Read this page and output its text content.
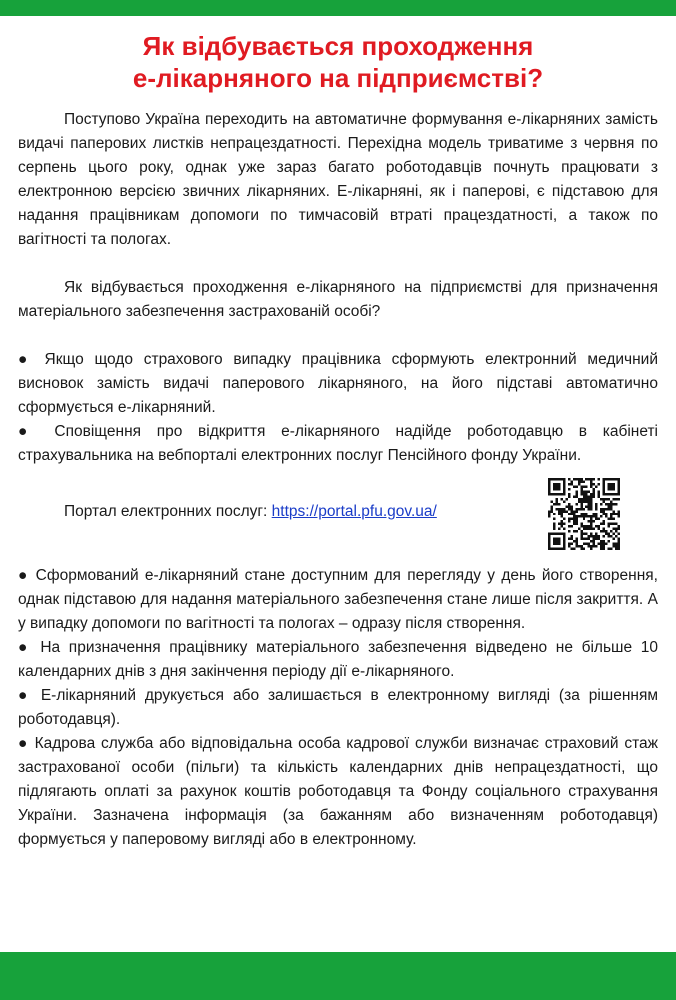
Як відбувається проходження
е-лікарняного на підприємстві?

Поступово Україна переходить на автоматичне формування е-лікарняних замість видачі паперових листків непрацездатності. Перехідна модель триватиме з червня по серпень цього року, однак уже зараз багато роботодавців почнуть працювати з електронною версією звичних лікарняних. Е-лікарняні, як і паперові, є підставою для надання працівникам допомоги по тимчасовій втраті працездатності, а також по вагітності та пологах.

Як відбувається проходження е-лікарняного на підприємстві для призначення матеріального забезпечення застрахованій особі?

● Якщо щодо страхового випадку працівника сформують електронний медичний висновок замість видачі паперового лікарняного, на його підставі автоматично сформується е-лікарняний.

● Сповіщення про відкриття е-лікарняного надійде роботодавцю в кабінеті страхувальника на вебпорталі електронних послуг Пенсійного фонду України.

Портал електронних послуг: https://portal.pfu.gov.ua/

● Сформований е-лікарняний стане доступним для перегляду у день його створення, однак підставою для надання матеріального забезпечення стане лише після закриття. А у випадку допомоги по вагітності та пологах – одразу після створення.

● На призначення працівнику матеріального забезпечення відведено не більше 10 календарних днів з дня закінчення періоду дії е-лікарняного.

● Е-лікарняний друкується або залишається в електронному вигляді (за рішенням роботодавця).

● Кадрова служба або відповідальна особа кадрової служби визначає страховий стаж застрахованої особи (пільги) та кількість календарних днів непрацездатності, що підлягають оплаті за рахунок коштів роботодавця та Фонду соціального страхування України. Зазначена інформація (за бажанням або визначенням роботодавця) формується у паперовому вигляді або в електронному.
